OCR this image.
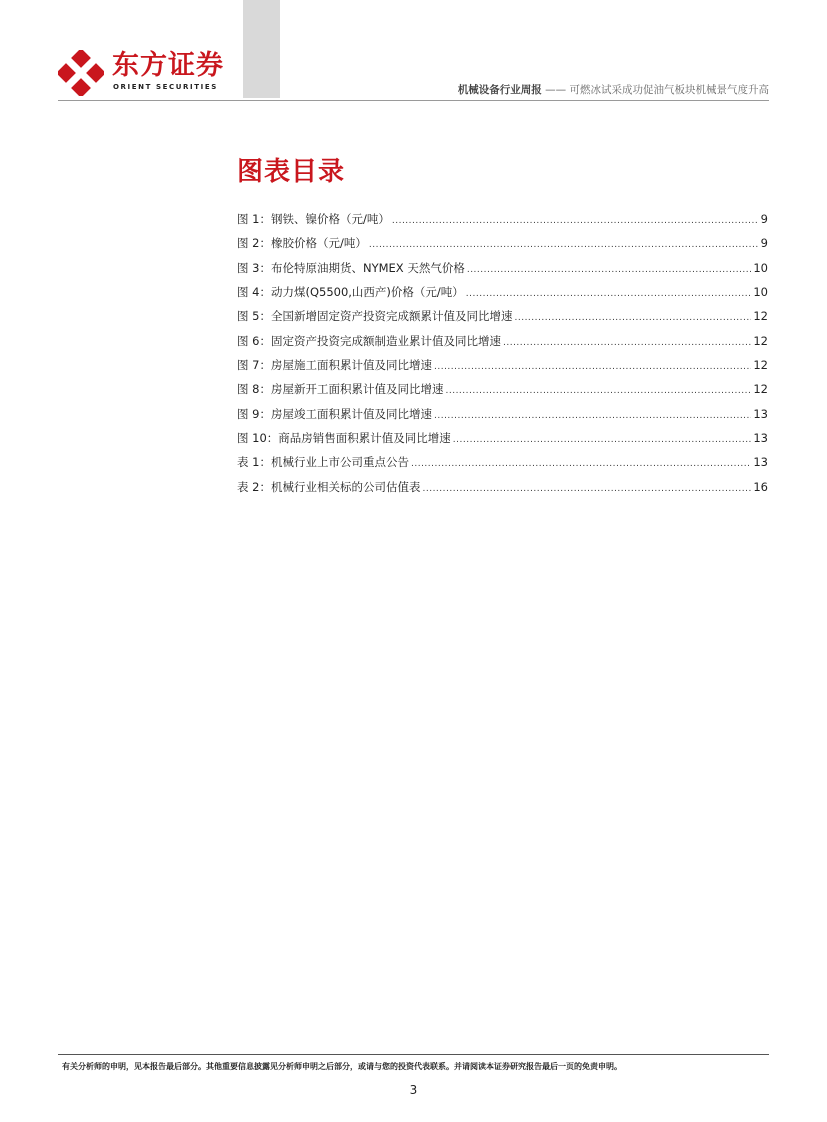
东方证券
ORIENT SECURITIES	机械设备行业周报 —— 可燃冰试采成功促油气板块机械景气度升高
图表目录
图 1：钢铁、镍价格（元/吨） .....	9
图 2：橡胶价格（元/吨） .....	9
图 3：布伦特原油期货、NYMEX 天然气价格 .....	10
图 4：动力煤(Q5500,山西产)价格（元/吨） .....	10
图 5：全国新增固定资产投资完成额累计值及同比增速 .....	12
图 6：固定资产投资完成额制造业累计值及同比增速 .....	12
图 7：房屋施工面积累计值及同比增速 .....	12
图 8：房屋新开工面积累计值及同比增速 .....	12
图 9：房屋竣工面积累计值及同比增速 .....	13
图 10：商品房销售面积累计值及同比增速 .....	13
表 1：机械行业上市公司重点公告 .....	13
表 2：机械行业相关标的公司估值表 .....	16
有关分析师的申明，见本报告最后部分。其他重要信息披露见分析师申明之后部分，或请与您的投资代表联系。并请阅读本证券研究报告最后一页的免责申明。
3
